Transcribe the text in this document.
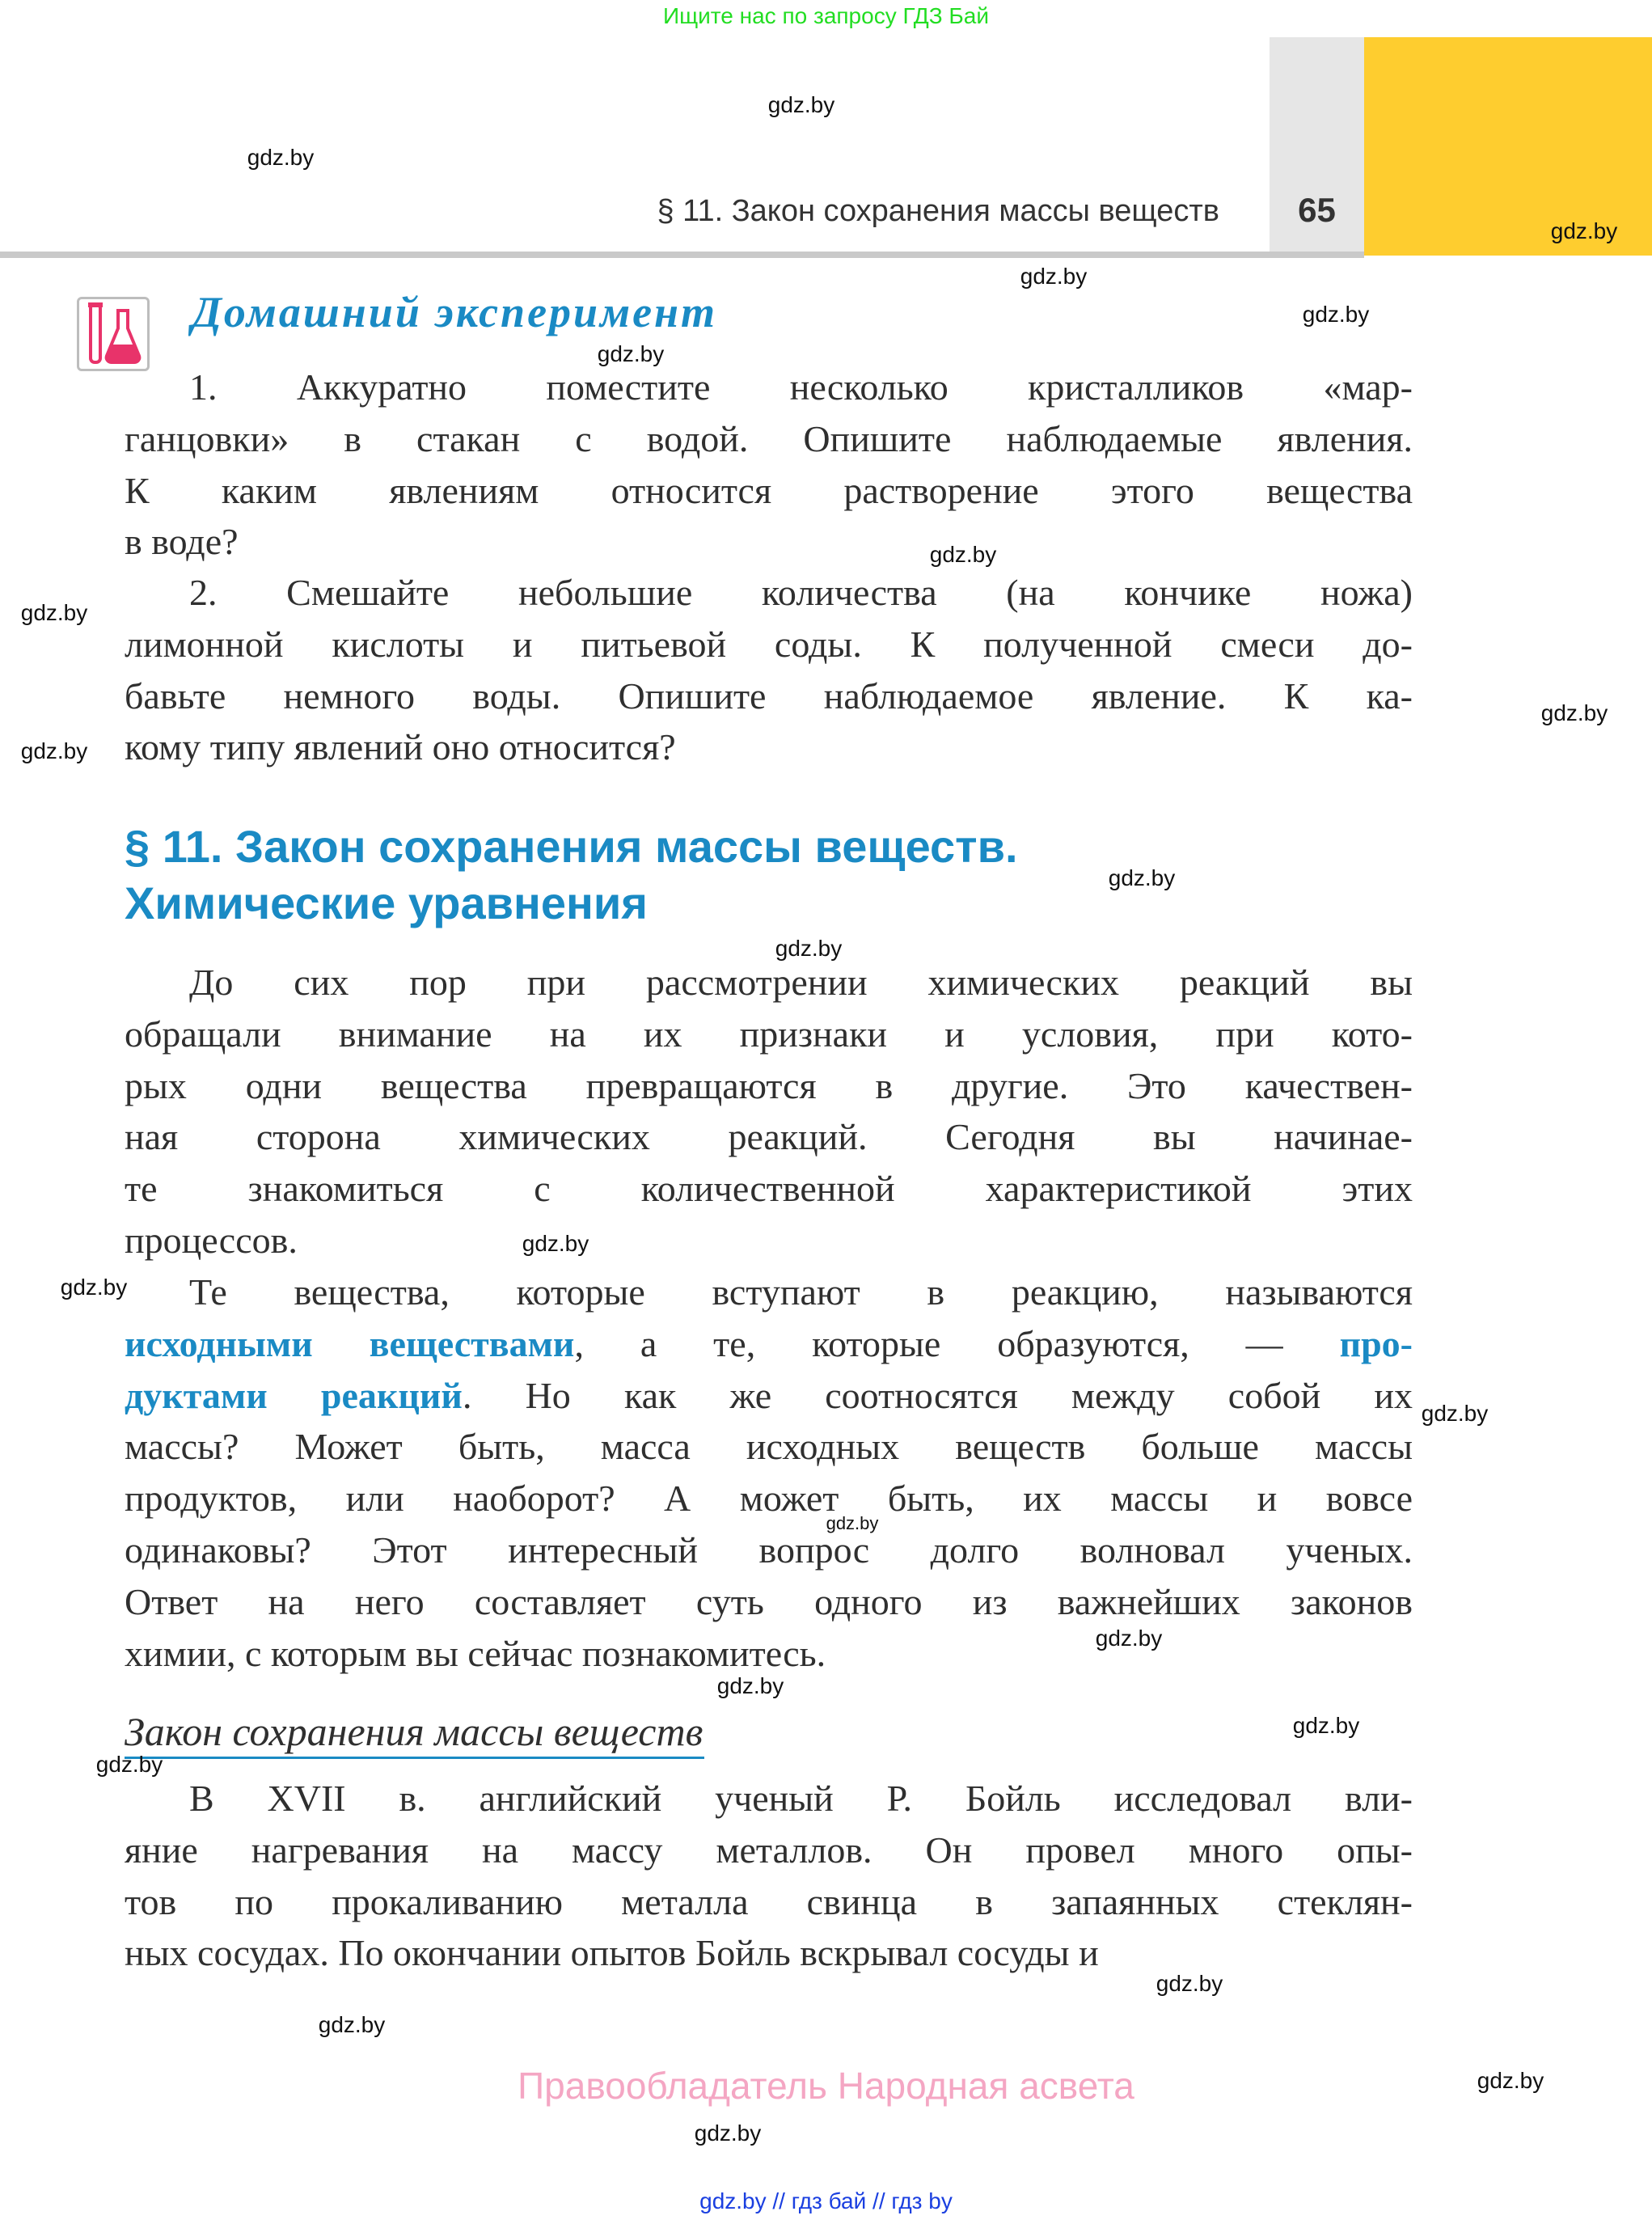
Ищите нас по запросу ГДЗ Бай
§ 11. Закон сохранения массы веществ	65
Домашний эксперимент
1. Аккуратно поместите несколько кристалликов «мар-
ганцовки» в стакан с водой. Опишите наблюдаемые явления.
К каким явлениям относится растворение этого вещества
в воде?
2. Смешайте небольшие количества (на кончике ножа)
лимонной кислоты и питьевой соды. К полученной смеси до-
бавьте немного воды. Опишите наблюдаемое явление. К ка-
кому типу явлений оно относится?
До сих пор при рассмотрении химических реакций вы
обращали внимание на их признаки и условия, при кото-
рых одни вещества превращаются в другие. Это качествен-
ная сторона химических реакций. Сегодня вы начинае-
те знакомиться с количественной характеристикой этих
процессов.
Те вещества, которые вступают в реакцию, называются
исходными веществами, а те, которые образуются, — про-
дуктами реакций. Но как же соотносятся между собой их
массы? Может быть, масса исходных веществ больше массы
продуктов, или наоборот? А может быть, их массы и вовсе
одинаковы? Этот интересный вопрос долго волновал ученых.
Ответ на него составляет суть одного из важнейших законов
химии, с которым вы сейчас познакомитесь.
В XVII в. английский ученый Р. Бойль исследовал вли-
яние нагревания на массу металлов. Он провел много опы-
тов по прокаливанию металла свинца в запаянных стеклян-
ных сосудах. По окончании опытов Бойль вскрывал сосуды и
§ 11. Закон сохранения массы веществ.
Химические уравнения
Закон сохранения массы веществ
Правообладатель Народная асвета
gdz.by // гдз бай // гдз by
gdz.by
gdz.by
gdz.by
gdz.by
gdz.by
gdz.by
gdz.by
gdz.by
gdz.by
gdz.by
gdz.by
gdz.by
gdz.by
gdz.by
gdz.by
gdz.by
gdz.by
gdz.by
gdz.by
gdz.by
gdz.by
gdz.by
gdz.by
gdz.by
